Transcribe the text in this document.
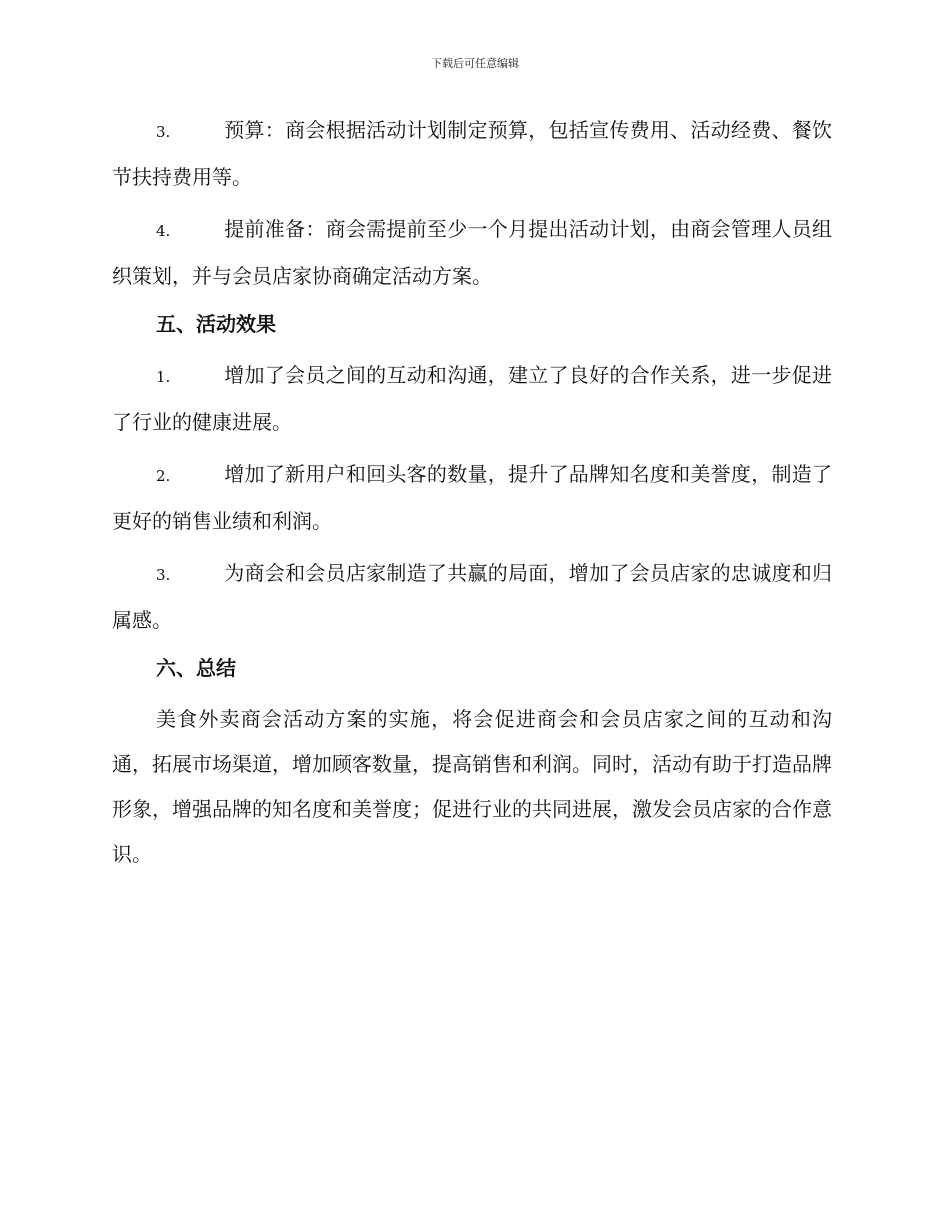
下载后可任意编辑

3.	预算：商会根据活动计划制定预算，包括宣传费用、活动经费、餐饮节扶持费用等。

4.	提前准备：商会需提前至少一个月提出活动计划，由商会管理人员组织策划，并与会员店家协商确定活动方案。

五、活动效果

1.	增加了会员之间的互动和沟通，建立了良好的合作关系，进一步促进了行业的健康进展。

2.	增加了新用户和回头客的数量，提升了品牌知名度和美誉度，制造了更好的销售业绩和利润。

3.	为商会和会员店家制造了共赢的局面，增加了会员店家的忠诚度和归属感。

六、总结

美食外卖商会活动方案的实施，将会促进商会和会员店家之间的互动和沟通，拓展市场渠道，增加顾客数量，提高销售和利润。同时，活动有助于打造品牌形象，增强品牌的知名度和美誉度；促进行业的共同进展，激发会员店家的合作意识。
